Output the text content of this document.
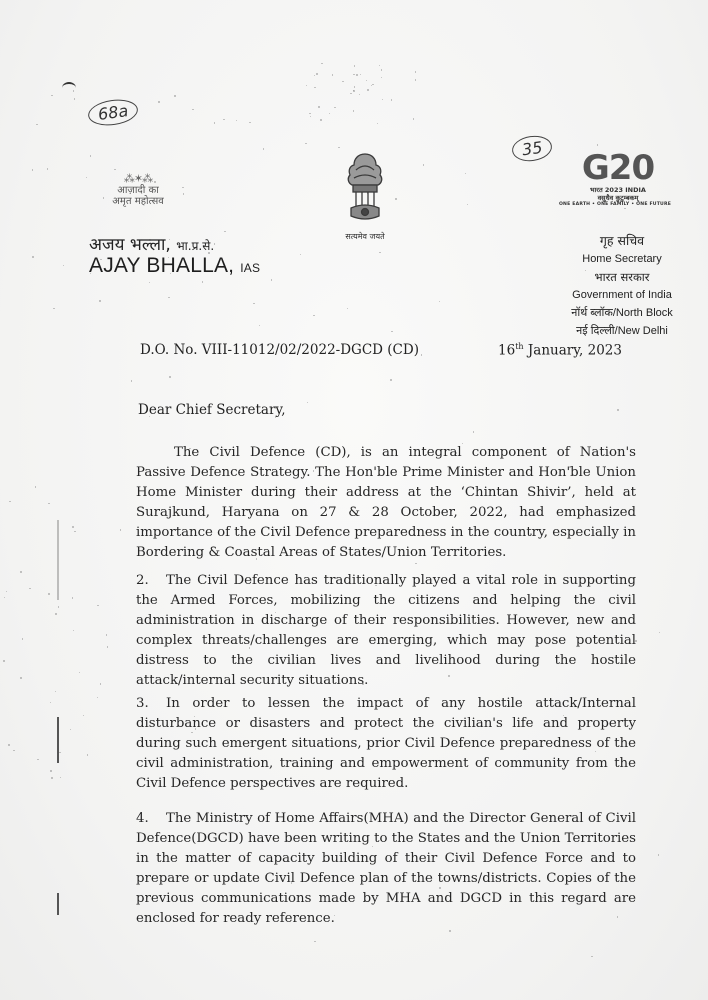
68a
35
⁂✶⁂
आज़ादी का
अमृत महोत्सव
अजय भल्ला, भा.प्र.से.
AJAY BHALLA, IAS
सत्यमेव जयते
G20
भारत 2023 INDIA
वसुधैव कुटुम्बकम्
ONE EARTH • ONE FAMILY • ONE FUTURE
गृह सचिव
Home Secretary
भारत सरकार
Government of India
नॉर्थ ब्लॉक/North Block
नई दिल्ली/New Delhi
D.O. No. VIII-11012/02/2022-DGCD (CD)	16th January, 2023
Dear Chief Secretary,
The Civil Defence (CD), is an integral component of Nation's Passive Defence Strategy. The Hon'ble Prime Minister and Hon'ble Union Home Minister during their address at the ‘Chintan Shivir’, held at Surajkund, Haryana on 27 & 28 October, 2022, had emphasized importance of the Civil Defence preparedness in the country, especially in Bordering & Coastal Areas of States/Union Territories.
2. The Civil Defence has traditionally played a vital role in supporting the Armed Forces, mobilizing the citizens and helping the civil administration in discharge of their responsibilities. However, new and complex threats/challenges are emerging, which may pose potential distress to the civilian lives and livelihood during the hostile attack/internal security situations.
3. In order to lessen the impact of any hostile attack/Internal disturbance or disasters and protect the civilian's life and property during such emergent situations, prior Civil Defence preparedness of the civil administration, training and empowerment of community from the Civil Defence perspectives are required.
4. The Ministry of Home Affairs(MHA) and the Director General of Civil Defence(DGCD) have been writing to the States and the Union Territories in the matter of capacity building of their Civil Defence Force and to prepare or update Civil Defence plan of the towns/districts. Copies of the previous communications made by MHA and DGCD in this regard are enclosed for ready reference.
